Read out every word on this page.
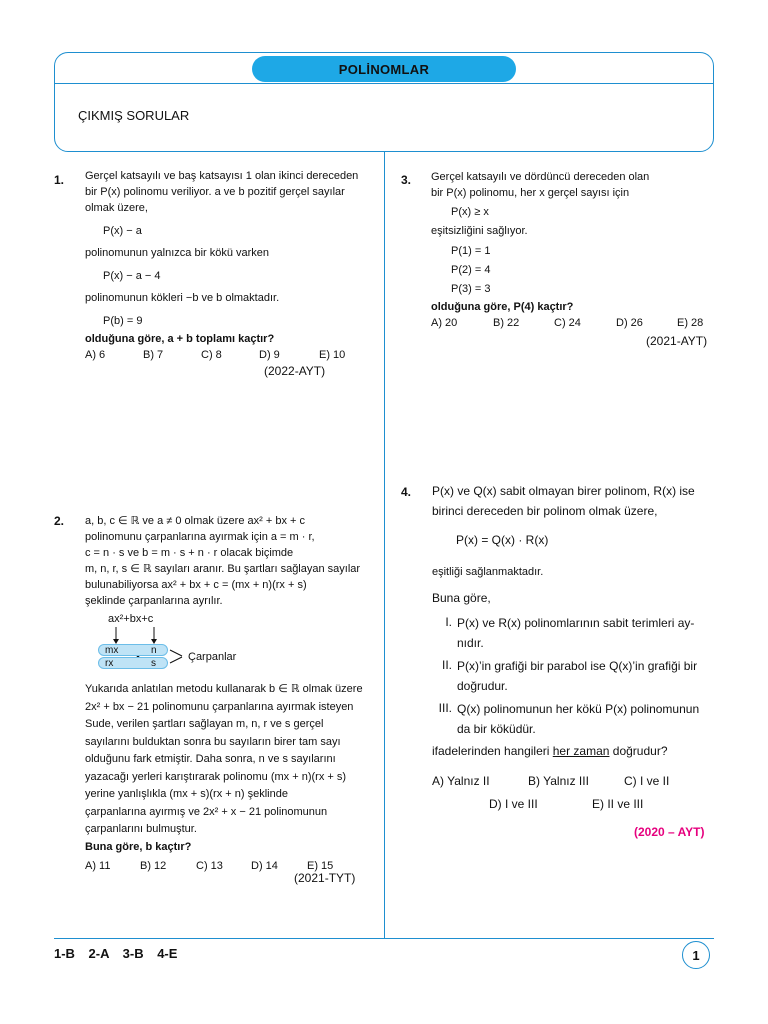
POLİNOMLAR
ÇIKMIŞ SORULAR
1. Gerçel katsayılı ve baş katsayısı 1 olan ikinci dereceden
bir P(x) polinomu veriliyor. a ve b pozitif gerçel sayılar
olmak üzere,
P(x) − a
polinomunun yalnızca bir kökü varken
P(x) − a − 4
polinomunun kökleri −b ve b olmaktadır.
P(b) = 9
olduğuna göre, a + b toplamı kaçtır?
A) 6	B) 7	C) 8	D) 9	E) 10
(2022-AYT)
2. a, b, c ∈ ℝ ve a ≠ 0 olmak üzere ax² + bx + c
polinomunu çarpanlarına ayırmak için a = m · r,
c = n · s ve b = m · s + n · r olacak biçimde
m, n, r, s ∈ ℝ sayıları aranır. Bu şartları sağlayan sayılar
bulunabiliyorsa ax² + bx + c = (mx + n)(rx + s)
şeklinde çarpanlarına ayrılır.
ax²+bx+c
mx	n
rx	s
Çarpanlar
Yukarıda anlatılan metodu kullanarak b ∈ ℝ olmak üzere
2x² + bx − 21 polinomunu çarpanlarına ayırmak isteyen
Sude, verilen şartları sağlayan m, n, r ve s gerçel
sayılarını bulduktan sonra bu sayıların birer tam sayı
olduğunu fark etmiştir. Daha sonra, n ve s sayılarını
yazacağı yerleri karıştırarak polinomu (mx + n)(rx + s)
yerine yanlışlıkla (mx + s)(rx + n) şeklinde
çarpanlarına ayırmış ve 2x² + x − 21 polinomunun
çarpanlarını bulmuştur.
Buna göre, b kaçtır?
A) 11	B) 12	C) 13	D) 14	E) 15
(2021-TYT)
3. Gerçel katsayılı ve dördüncü dereceden olan
bir P(x) polinomu, her x gerçel sayısı için
P(x) ≥ x
eşitsizliğini sağlıyor.
P(1) = 1
P(2) = 4
P(3) = 3
olduğuna göre, P(4) kaçtır?
A) 20	B) 22	C) 24	D) 26	E) 28
(2021-AYT)
4. P(x) ve Q(x) sabit olmayan birer polinom, R(x) ise
birinci dereceden bir polinom olmak üzere,
P(x) = Q(x) · R(x)
eşitliği sağlanmaktadır.
Buna göre,
I. P(x) ve R(x) polinomlarının sabit terimleri ay-
nıdır.
II. P(x)’in grafiği bir parabol ise Q(x)’in grafiği bir
doğrudur.
III. Q(x) polinomunun her kökü P(x) polinomunun
da bir köküdür.
ifadelerinden hangileri her zaman doğrudur?
A) Yalnız II	B) Yalnız III	C) I ve II
D) I ve III	E) II ve III
(2020 – AYT)
1-B 2-A 3-B 4-E	1
